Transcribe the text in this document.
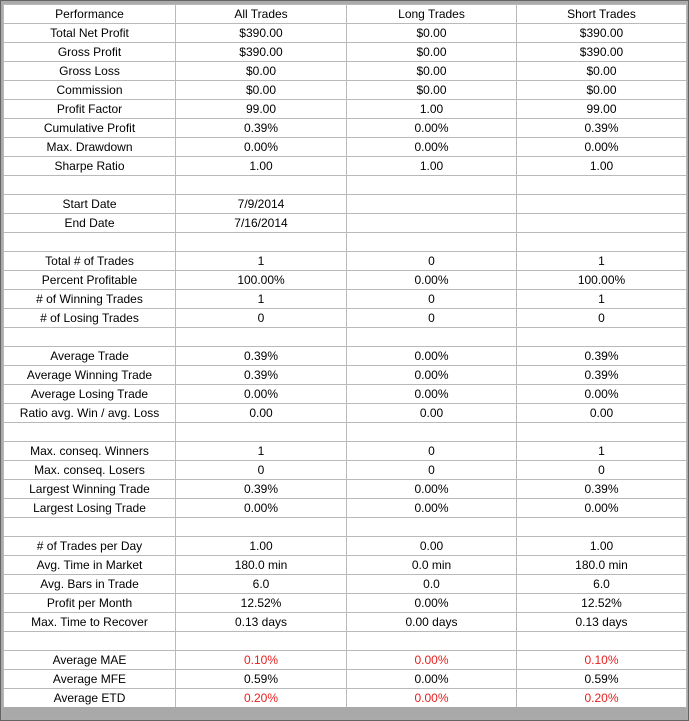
Performance	All Trades	Long Trades	Short Trades
Total Net Profit	$390.00	$0.00	$390.00
Gross Profit	$390.00	$0.00	$390.00
Gross Loss	$0.00	$0.00	$0.00
Commission	$0.00	$0.00	$0.00
Profit Factor	99.00	1.00	99.00
Cumulative Profit	0.39%	0.00%	0.39%
Max. Drawdown	0.00%	0.00%	0.00%
Sharpe Ratio	1.00	1.00	1.00

Start Date	7/9/2014		
End Date	7/16/2014		

Total # of Trades	1	0	1
Percent Profitable	100.00%	0.00%	100.00%
# of Winning Trades	1	0	1
# of Losing Trades	0	0	0

Average Trade	0.39%	0.00%	0.39%
Average Winning Trade	0.39%	0.00%	0.39%
Average Losing Trade	0.00%	0.00%	0.00%
Ratio avg. Win / avg. Loss	0.00	0.00	0.00

Max. conseq. Winners	1	0	1
Max. conseq. Losers	0	0	0
Largest Winning Trade	0.39%	0.00%	0.39%
Largest Losing Trade	0.00%	0.00%	0.00%

# of Trades per Day	1.00	0.00	1.00
Avg. Time in Market	180.0 min	0.0 min	180.0 min
Avg. Bars in Trade	6.0	0.0	6.0
Profit per Month	12.52%	0.00%	12.52%
Max. Time to Recover	0.13 days	0.00 days	0.13 days

Average MAE	0.10%	0.00%	0.10%
Average MFE	0.59%	0.00%	0.59%
Average ETD	0.20%	0.00%	0.20%
